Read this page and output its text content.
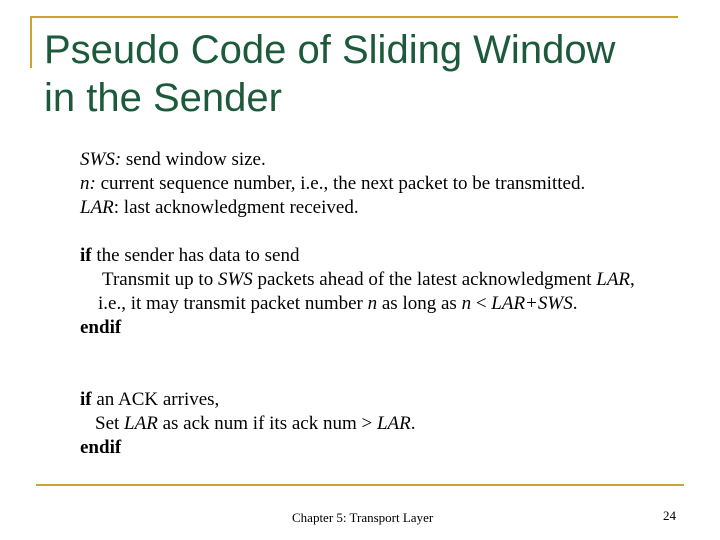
Pseudo Code of Sliding Window
in the Sender
SWS: send window size.
n: current sequence number, i.e., the next packet to be transmitted.
LAR: last acknowledgment received.
if the sender has data to send
Transmit up to SWS packets ahead of the latest acknowledgment LAR,
i.e., it may transmit packet number n as long as n < LAR+SWS.
endif
if an ACK arrives,
Set LAR as ack num if its ack num > LAR.
endif
Chapter 5: Transport Layer	24
